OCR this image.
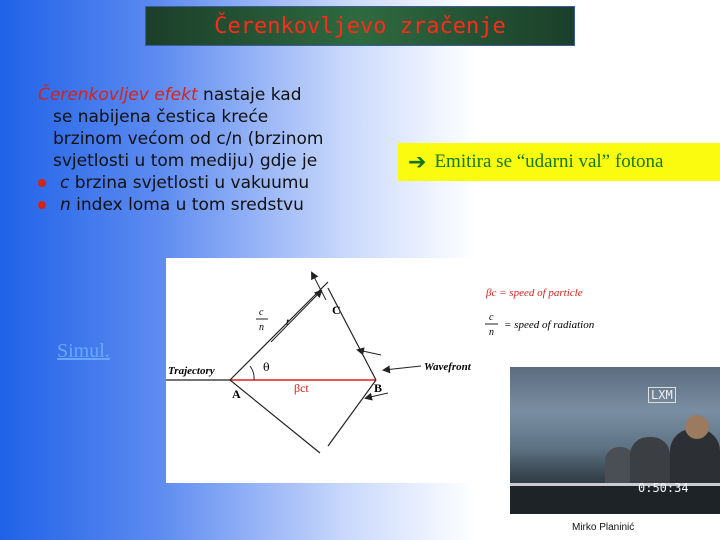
Čerenkovljevo zračenje
Čerenkovljev efekt nastaje kad
se nabijena čestica kreće
brzinom većom od c/n (brzinom
svjetlosti u tom mediju) gdje je
c brzina svjetlosti u vakuumu
n index loma u tom sredstvu
➔ Emitira se “udarni val” fotona
Trajectory
A	B
C
θ
βct
Wavefront
c
n t
βc = speed of particle
c
n
= speed of radiation
Simul.
LXM
0:50:34
Mirko Planinić
